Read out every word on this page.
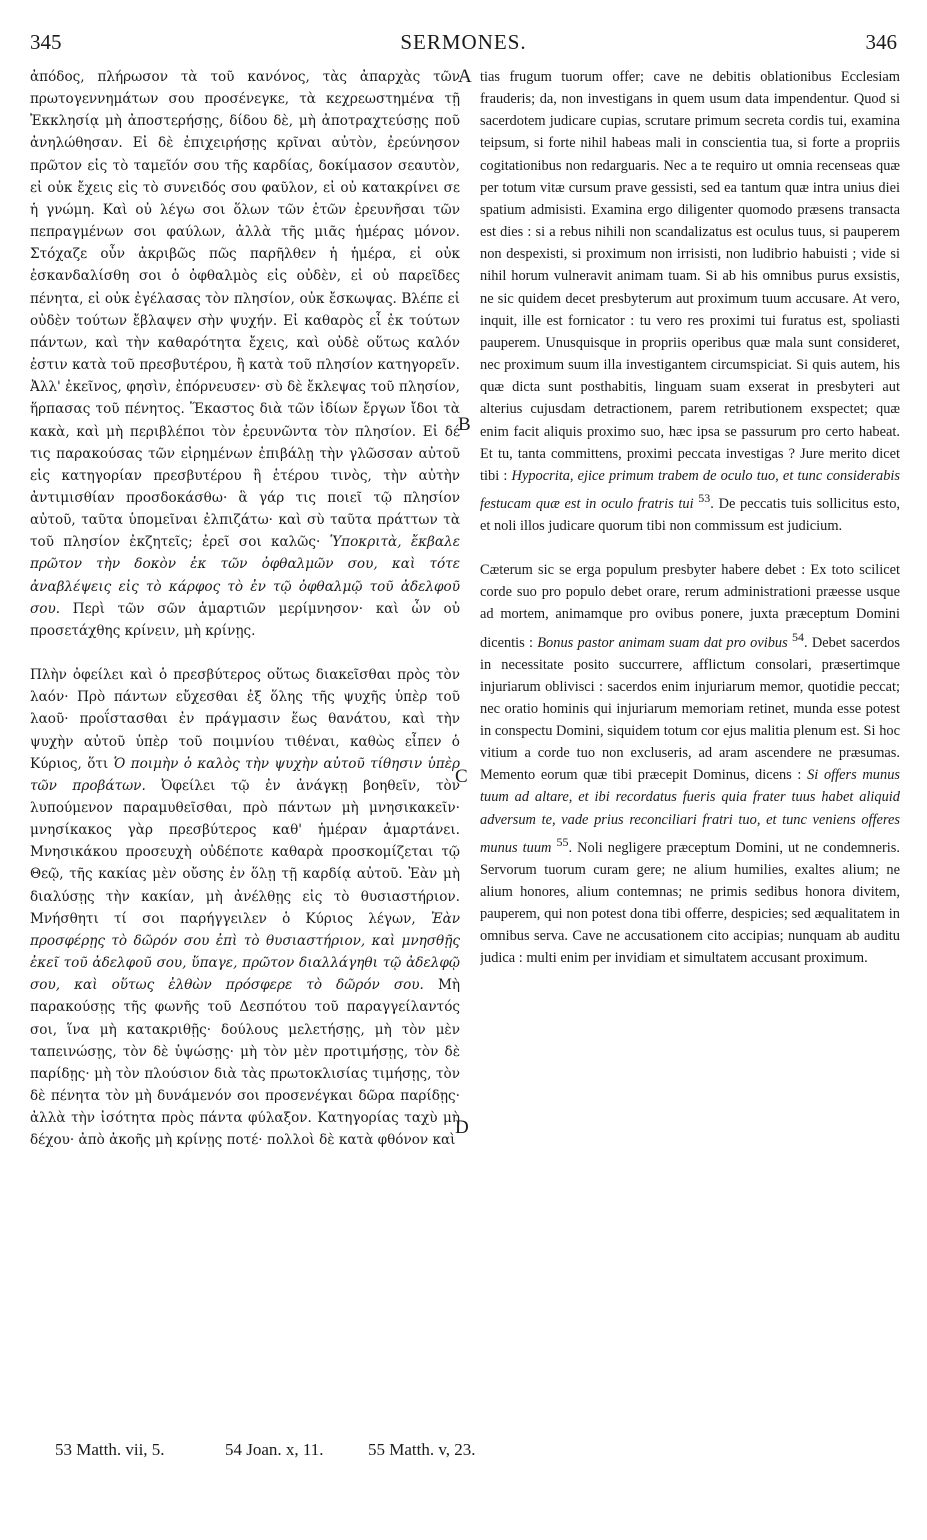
345	SERMONES.	346

ἀπόδος, πλήρωσον τὰ τοῦ κανόνος, τὰς ἀπαρχὰς τῶν πρωτογεννημάτων σου προσένεγκε, τὰ κεχρεωστημένα τῇ Ἐκκλησίᾳ μὴ ἀποστερήσῃς, δίδου δὲ, μὴ ἀποτραχτεύσῃς ποῦ ἀνηλώθησαν. Εἰ δὲ ἐπιχειρήσῃς κρῖναι αὐτὸν, ἐρεύνησον πρῶτον εἰς τὸ ταμεῖόν σου τῆς καρδίας, δοκίμασον σεαυτὸν, εἰ οὐκ ἔχεις εἰς τὸ συνειδός σου φαῦλον, εἰ οὐ κατακρίνει σε ἡ γνώμη. Καὶ οὐ λέγω σοι ὅλων τῶν ἐτῶν ἐρευνῆσαι τῶν πεπραγμένων σοι φαύλων, ἀλλὰ τῆς μιᾶς ἡμέρας μόνον. Στόχαζε οὖν ἀκριβῶς πῶς παρῆλθεν ἡ ἡμέρα, εἰ οὐκ ἐσκανδαλίσθη σοι ὁ ὀφθαλμὸς εἰς οὐδὲν, εἰ οὐ παρεῖδες πένητα, εἰ οὐκ ἐγέλασας τὸν πλησίον, οὐκ ἔσκωψας. Βλέπε εἰ οὐδὲν τούτων ἔβλαψεν σὴν ψυχήν. Εἰ καθαρὸς εἶ ἐκ τούτων πάντων, καὶ τὴν καθαρότητα ἔχεις, καὶ οὐδὲ οὕτως καλόν ἐστιν κατὰ τοῦ πρεσβυτέρου, ἢ κατὰ τοῦ πλησίον κατηγορεῖν. Ἀλλ' ἐκεῖνος, φησὶν, ἐπόρνευσεν· σὺ δὲ ἔκλεψας τοῦ πλησίον, ἥρπασας τοῦ πένητος. Ἕκαστος διὰ τῶν ἰδίων ἔργων ἴδοι τὰ κακὰ, καὶ μὴ περιβλέποι τὸν ἐρευνῶντα τὸν πλησίον. Εἰ δέ τις παρακούσας τῶν εἰρημένων ἐπιβάλῃ τὴν γλῶσσαν αὐτοῦ εἰς κατηγορίαν πρεσβυτέρου ἢ ἑτέρου τινὸς, τὴν αὐτὴν ἀντιμισθίαν προσδοκάσθω· ἃ γάρ τις ποιεῖ τῷ πλησίον αὐτοῦ, ταῦτα ὑπομεῖναι ἐλπιζάτω· καὶ σὺ ταῦτα πράττων τὰ τοῦ πλησίον ἐκζητεῖς; ἐρεῖ σοι καλῶς· Ὑποκριτὰ, ἔκβαλε πρῶτον τὴν δοκὸν ἐκ τῶν ὀφθαλμῶν σου, καὶ τότε ἀναβλέψεις εἰς τὸ κάρφος τὸ ἐν τῷ ὀφθαλμῷ τοῦ ἀδελφοῦ σου. Περὶ τῶν σῶν ἁμαρτιῶν μερίμνησον· καὶ ὧν οὐ προσετάχθης κρίνειν, μὴ κρίνῃς.

Πλὴν ὀφείλει καὶ ὁ πρεσβύτερος οὕτως διακεῖσθαι πρὸς τὸν λαόν· Πρὸ πάντων εὔχεσθαι ἐξ ὅλης τῆς ψυχῆς ὑπὲρ τοῦ λαοῦ· προΐστασθαι ἐν πράγμασιν ἕως θανάτου, καὶ τὴν ψυχὴν αὐτοῦ ὑπὲρ τοῦ ποιμνίου τιθέναι, καθὼς εἶπεν ὁ Κύριος, ὅτι Ὁ ποιμὴν ὁ καλὸς τὴν ψυχὴν αὐτοῦ τίθησιν ὑπὲρ τῶν προβάτων. Ὀφείλει τῷ ἐν ἀνάγκῃ βοηθεῖν, τὸν λυπούμενον παραμυθεῖσθαι, πρὸ πάντων μὴ μνησικακεῖν· μνησίκακος γὰρ πρεσβύτερος καθ' ἡμέραν ἁμαρτάνει. Μνησικάκου προσευχὴ οὐδέποτε καθαρὰ προσκομίζεται τῷ Θεῷ, τῆς κακίας μὲν οὔσης ἐν ὅλῃ τῇ καρδίᾳ αὐτοῦ. Ἐὰν μὴ διαλύσῃς τὴν κακίαν, μὴ ἀνέλθῃς εἰς τὸ θυσιαστήριον. Μνήσθητι τί σοι παρήγγειλεν ὁ Κύριος λέγων, Ἐὰν προσφέρῃς τὸ δῶρόν σου ἐπὶ τὸ θυσιαστήριον, καὶ μνησθῇς ἐκεῖ τοῦ ἀδελφοῦ σου, ὕπαγε, πρῶτον διαλλάγηθι τῷ ἀδελφῷ σου, καὶ οὕτως ἐλθὼν πρόσφερε τὸ δῶρόν σου. Μὴ παρακούσῃς τῆς φωνῆς τοῦ Δεσπότου τοῦ παραγγείλαντός σοι, ἵνα μὴ κατακριθῇς· δούλους μελετήσῃς, μὴ τὸν μὲν ταπεινώσῃς, τὸν δὲ ὑψώσῃς· μὴ τὸν μὲν προτιμήσῃς, τὸν δὲ παρίδῃς· μὴ τὸν πλούσιον διὰ τὰς πρωτοκλισίας τιμήσῃς, τὸν δὲ πένητα τὸν μὴ δυνάμενόν σοι προσενέγκαι δῶρα παρίδῃς· ἀλλὰ τὴν ἰσότητα πρὸς πάντα φύλαξον. Κατηγορίας ταχὺ μὴ δέχου· ἀπὸ ἀκοῆς μὴ κρίνῃς ποτέ· πολλοὶ δὲ κατὰ φθόνον καὶ

A
B
C
D

tias frugum tuorum offer; cave ne debitis oblationibus Ecclesiam frauderis; da, non investigans in quem usum data impendentur. Quod si sacerdotem judicare cupias, scrutare primum secreta cordis tui, examina teipsum, si forte nihil habeas mali in conscientia tua, si forte a propriis cogitationibus non redarguaris. Nec a te requiro ut omnia recenseas quæ per totum vitæ cursum prave gessisti, sed ea tantum quæ intra unius diei spatium admisisti. Examina ergo diligenter quomodo præsens transacta est dies : si a rebus nihili non scandalizatus est oculus tuus, si pauperem non despexisti, si proximum non irrisisti, non ludibrio habuisti ; vide si nihil horum vulneravit animam tuam. Si ab his omnibus purus exsistis, ne sic quidem decet presbyterum aut proximum tuum accusare. At vero, inquit, ille est fornicator : tu vero res proximi tui furatus est, spoliasti pauperem. Unusquisque in propriis operibus quæ mala sunt consideret, nec proximum suum illa investigantem circumspiciat. Si quis autem, his quæ dicta sunt posthabitis, linguam suam exserat in presbyteri aut alterius cujusdam detractionem, parem retributionem exspectet; quæ enim facit aliquis proximo suo, hæc ipsa se passurum pro certo habeat. Et tu, tanta committens, proximi peccata investigas ? Jure merito dicet tibi : Hypocrita, ejice primum trabem de oculo tuo, et tunc considerabis festucam quæ est in oculo fratris tui $^{53}$. De peccatis tuis sollicitus esto, et noli illos judicare quorum tibi non commissum est judicium.

Cæterum sic se erga populum presbyter habere debet : Ex toto scilicet corde suo pro populo debet orare, rerum administrationi præesse usque ad mortem, animamque pro ovibus ponere, juxta præceptum Domini dicentis : Bonus pastor animam suam dat pro ovibus $^{54}$. Debet sacerdos in necessitate posito succurrere, afflictum consolari, præsertimque injuriarum oblivisci : sacerdos enim injuriarum memor, quotidie peccat; nec oratio hominis qui injuriarum memoriam retinet, munda esse potest in conspectu Domini, siquidem totum cor ejus malitia plenum est. Si hoc vitium a corde tuo non excluseris, ad aram ascendere ne præsumas. Memento eorum quæ tibi præcepit Dominus, dicens : Si offers munus tuum ad altare, et ibi recordatus fueris quia frater tuus habet aliquid adversum te, vade prius reconciliari fratri tuo, et tunc veniens offeres munus tuum $^{55}$. Noli negligere præceptum Domini, ut ne condemneris. Servorum tuorum curam gere; ne alium humilies, exaltes alium; ne alium honores, alium contemnas; ne primis sedibus honora divitem, pauperem, qui non potest dona tibi offerre, despicies; sed æqualitatem in omnibus serva. Cave ne accusationem cito accipias; nunquam ab auditu judica : multi enim per invidiam et simultatem accusant proximum.

53 Matth. vii, 5.	54 Joan. x, 11.	55 Matth. v, 23.
